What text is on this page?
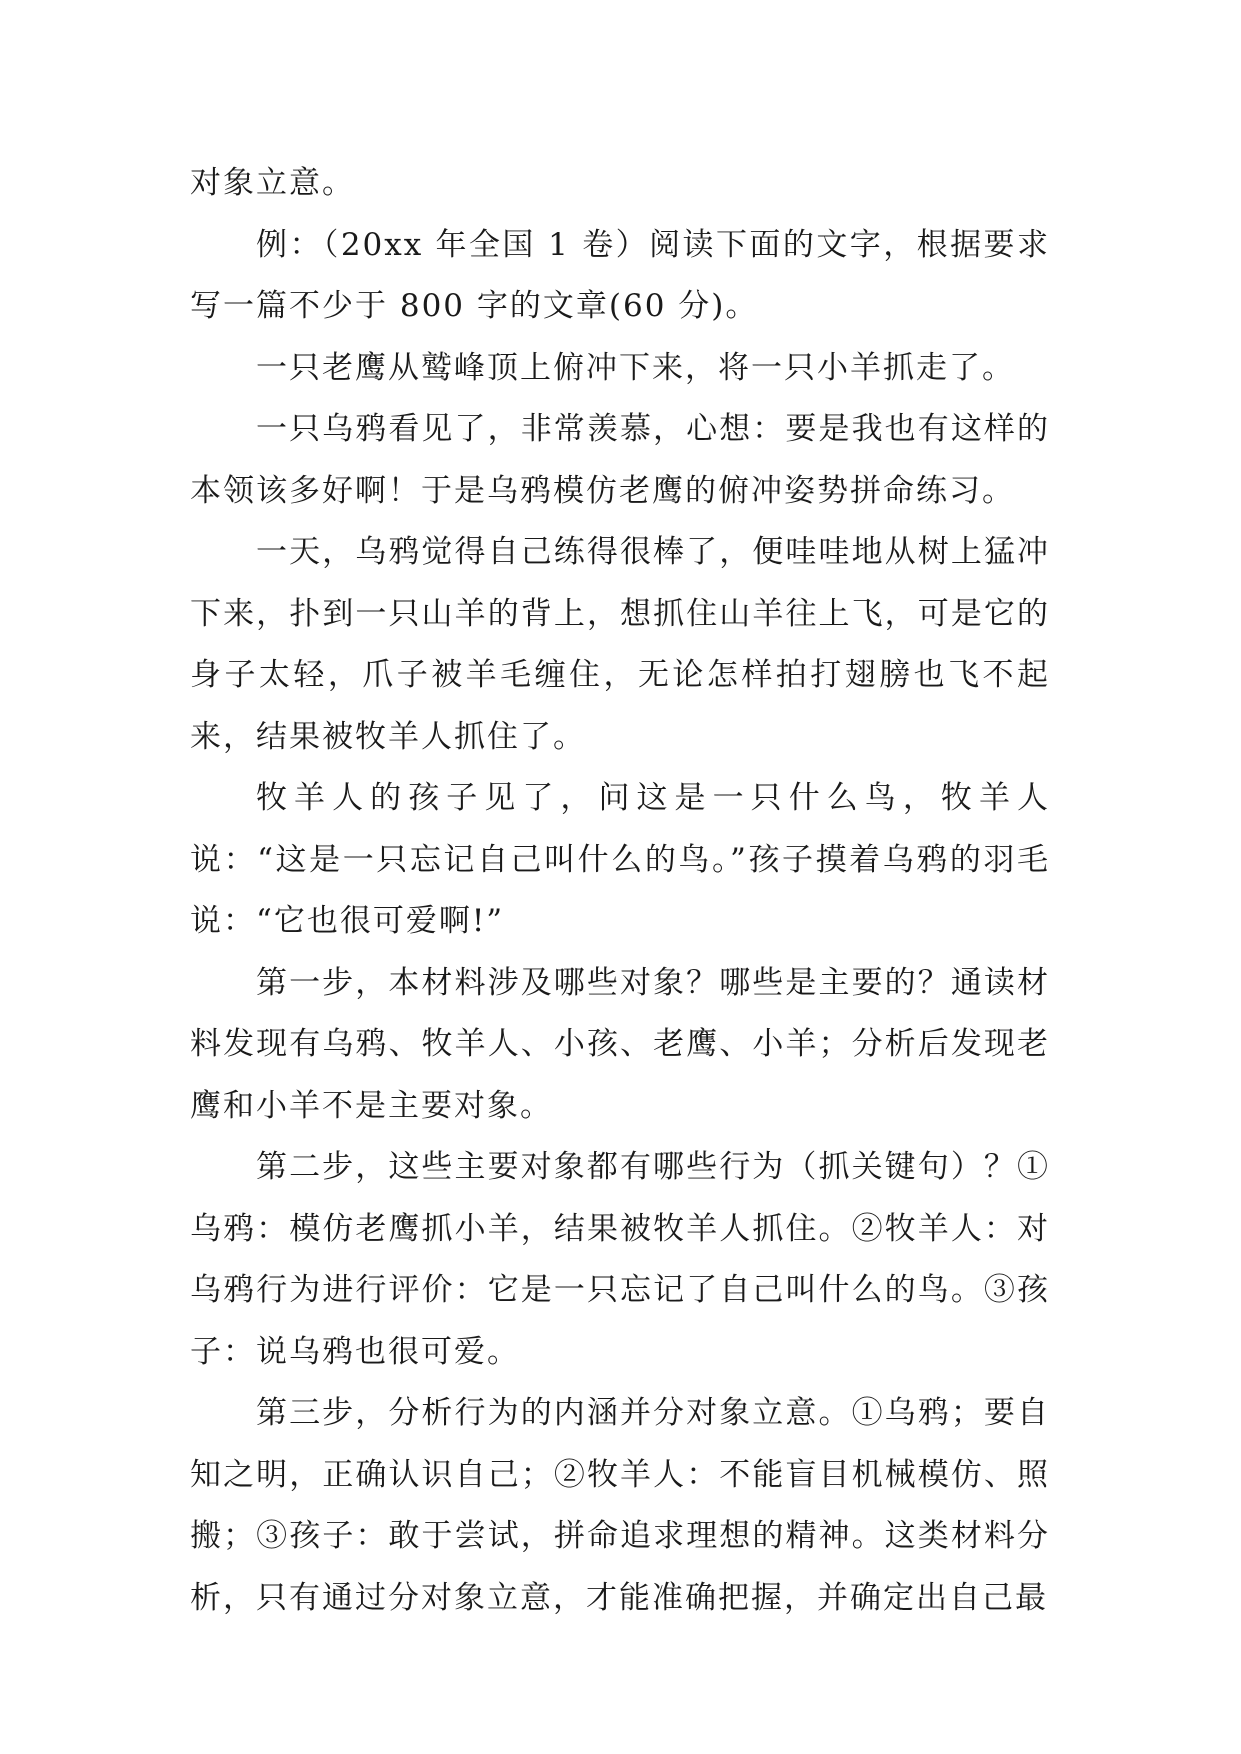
对象立意。

例：（20xx 年全国 1 卷）阅读下面的文字，根据要求写一篇不少于 800 字的文章(60 分)。

一只老鹰从鹫峰顶上俯冲下来，将一只小羊抓走了。

一只乌鸦看见了，非常羡慕，心想：要是我也有这样的本领该多好啊！于是乌鸦模仿老鹰的俯冲姿势拼命练习。

一天，乌鸦觉得自己练得很棒了，便哇哇地从树上猛冲下来，扑到一只山羊的背上，想抓住山羊往上飞，可是它的身子太轻，爪子被羊毛缠住，无论怎样拍打翅膀也飞不起来，结果被牧羊人抓住了。

牧羊人的孩子见了，问这是一只什么鸟，牧羊人说：“这是一只忘记自己叫什么的鸟。”孩子摸着乌鸦的羽毛说：“它也很可爱啊!”

第一步，本材料涉及哪些对象？哪些是主要的？通读材料发现有乌鸦、牧羊人、小孩、老鹰、小羊；分析后发现老鹰和小羊不是主要对象。

第二步，这些主要对象都有哪些行为（抓关键句）？①乌鸦：模仿老鹰抓小羊，结果被牧羊人抓住。②牧羊人：对乌鸦行为进行评价：它是一只忘记了自己叫什么的鸟。③孩子：说乌鸦也很可爱。

第三步，分析行为的内涵并分对象立意。①乌鸦；要自知之明，正确认识自己；②牧羊人：不能盲目机械模仿、照搬；③孩子：敢于尝试，拼命追求理想的精神。这类材料分析，只有通过分对象立意，才能准确把握，并确定出自己最
